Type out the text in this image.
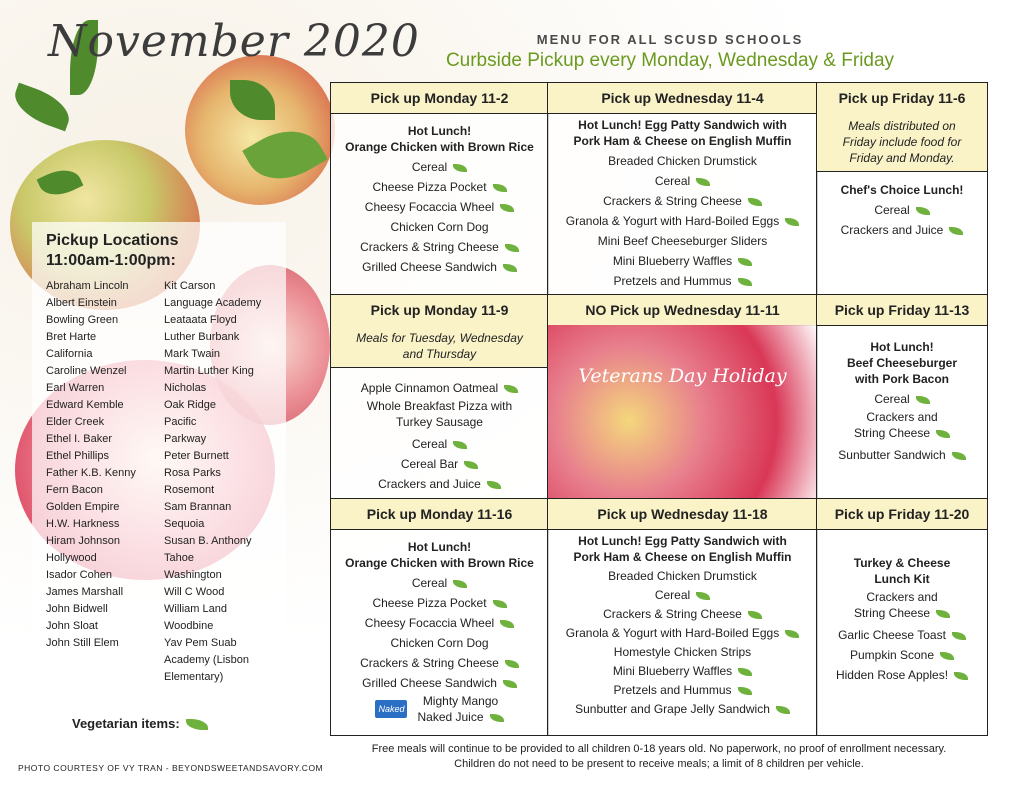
November 2020	MENU FOR ALL SCUSD SCHOOLS
Curbside Pickup every Monday, Wednesday & Friday
Pickup Locations
11:00am-1:00pm:
Abraham Lincoln
Albert Einstein
Bowling Green
Bret Harte
California
Caroline Wenzel
Earl Warren
Edward Kemble
Elder Creek
Ethel I. Baker
Ethel Phillips
Father K.B. Kenny
Fern Bacon
Golden Empire
H.W. Harkness
Hiram Johnson
Hollywood
Isador Cohen
James Marshall
John Bidwell
John Sloat
John Still Elem
Kit Carson
Language Academy
Leataata Floyd
Luther Burbank
Mark Twain
Martin Luther King
Nicholas
Oak Ridge
Pacific
Parkway
Peter Burnett
Rosa Parks
Rosemont
Sam Brannan
Sequoia
Susan B. Anthony
Tahoe
Washington
Will C Wood
William Land
Woodbine
Yav Pem Suab
Academy (Lisbon
Elementary)
Vegetarian items:
PHOTO COURTESY OF VY TRAN - BEYONDSWEETANDSAVORY.COM
Pick up Monday 11-2
Hot Lunch!
Orange Chicken with Brown Rice
Cereal
Cheese Pizza Pocket
Cheesy Focaccia Wheel
Chicken Corn Dog
Crackers & String Cheese
Grilled Cheese Sandwich
Pick up Wednesday 11-4
Hot Lunch! Egg Patty Sandwich with
Pork Ham & Cheese on English Muffin
Breaded Chicken Drumstick
Cereal
Crackers & String Cheese
Granola & Yogurt with Hard-Boiled Eggs
Mini Beef Cheeseburger Sliders
Mini Blueberry Waffles
Pretzels and Hummus
Pick up Friday 11-6
Meals distributed on
Friday include food for
Friday and Monday.
Chef's Choice Lunch!
Cereal
Crackers and Juice
Pick up Monday 11-9
Meals for Tuesday, Wednesday
and Thursday
Apple Cinnamon Oatmeal
Whole Breakfast Pizza with
Turkey Sausage
Cereal
Cereal Bar
Crackers and Juice
NO Pick up Wednesday 11-11
Veterans Day Holiday
Pick up Friday 11-13
Hot Lunch!
Beef Cheeseburger
with Pork Bacon
Cereal
Crackers and
String Cheese
Sunbutter Sandwich
Pick up Monday 11-16
Hot Lunch!
Orange Chicken with Brown Rice
Cereal
Cheese Pizza Pocket
Cheesy Focaccia Wheel
Chicken Corn Dog
Crackers & String Cheese
Grilled Cheese Sandwich
Naked
Mighty Mango
Naked Juice
Pick up Wednesday 11-18
Hot Lunch! Egg Patty Sandwich with
Pork Ham & Cheese on English Muffin
Breaded Chicken Drumstick
Cereal
Crackers & String Cheese
Granola & Yogurt with Hard-Boiled Eggs
Homestyle Chicken Strips
Mini Blueberry Waffles
Pretzels and Hummus
Sunbutter and Grape Jelly Sandwich
Pick up Friday 11-20
Turkey & Cheese
Lunch Kit
Crackers and
String Cheese
Garlic Cheese Toast
Pumpkin Scone
Hidden Rose Apples!
Free meals will continue to be provided to all children 0-18 years old. No paperwork, no proof of enrollment necessary.
Children do not need to be present to receive meals; a limit of 8 children per vehicle.
